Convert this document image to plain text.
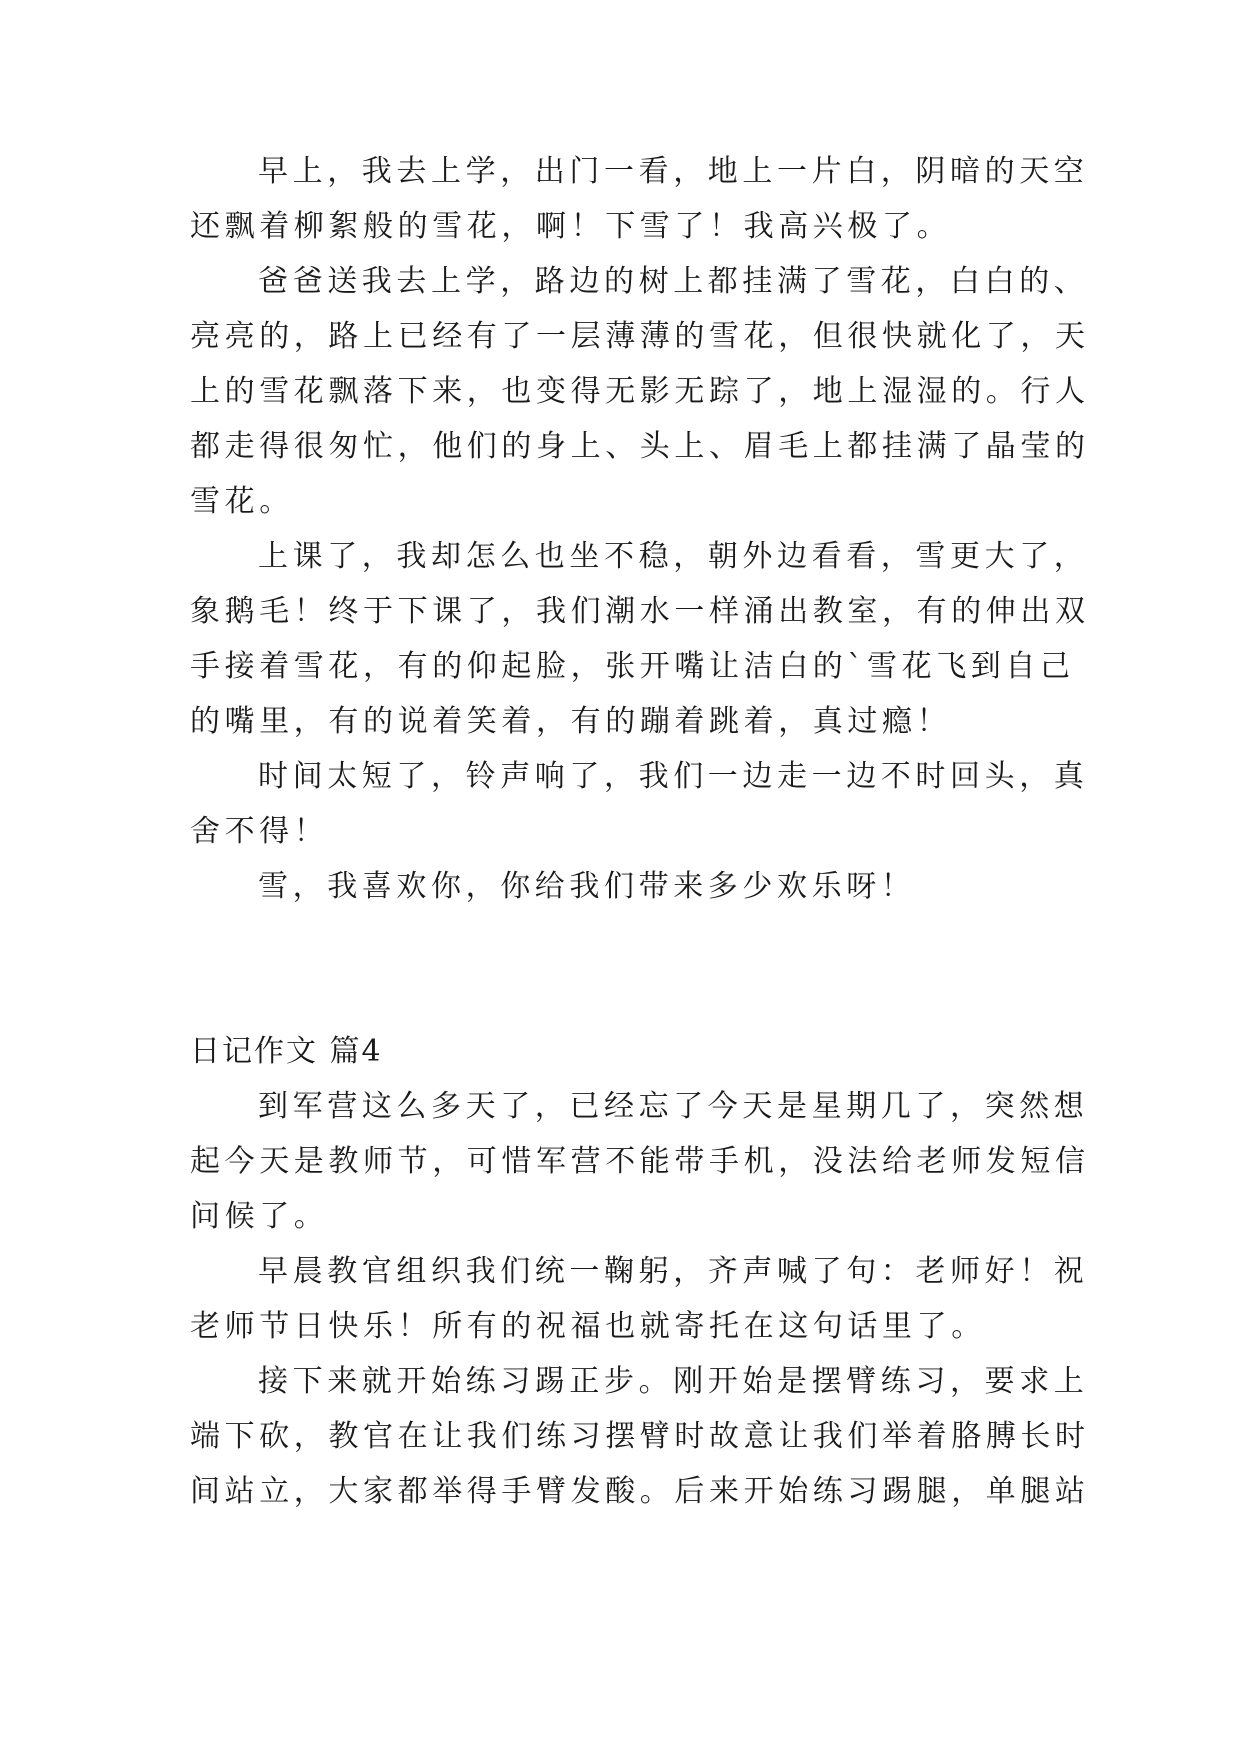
早上，我去上学，出门一看，地上一片白，阴暗的天空
还飘着柳絮般的雪花，啊！下雪了！我高兴极了。
爸爸送我去上学，路边的树上都挂满了雪花，白白的、
亮亮的，路上已经有了一层薄薄的雪花，但很快就化了，天
上的雪花飘落下来，也变得无影无踪了，地上湿湿的。行人
都走得很匆忙，他们的身上、头上、眉毛上都挂满了晶莹的
雪花。
上课了，我却怎么也坐不稳，朝外边看看，雪更大了，
象鹅毛！终于下课了，我们潮水一样涌出教室，有的伸出双
手接着雪花，有的仰起脸，张开嘴让洁白的`雪花飞到自己
的嘴里，有的说着笑着，有的蹦着跳着，真过瘾！
时间太短了，铃声响了，我们一边走一边不时回头，真
舍不得！
雪，我喜欢你，你给我们带来多少欢乐呀！
日记作文 篇4
到军营这么多天了，已经忘了今天是星期几了，突然想
起今天是教师节，可惜军营不能带手机，没法给老师发短信
问候了。
早晨教官组织我们统一鞠躬，齐声喊了句：老师好！祝
老师节日快乐！所有的祝福也就寄托在这句话里了。
接下来就开始练习踢正步。刚开始是摆臂练习，要求上
端下砍，教官在让我们练习摆臂时故意让我们举着胳膊长时
间站立，大家都举得手臂发酸。后来开始练习踢腿，单腿站
